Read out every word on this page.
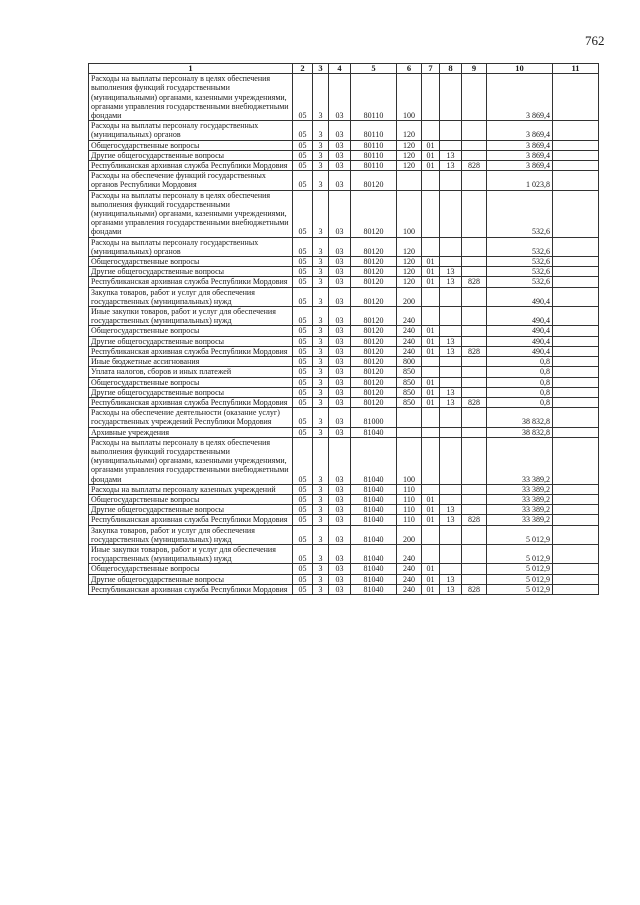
762
1	2	3	4	5	6	7	8	9	10	11
Расходы на выплаты персоналу в целях обеспечения выполнения функций государственными (муниципальными) органами, казенными учреждениями, органами управления государственными внебюджетными фондами	05	3	03	80110	100				3 869,4	
Расходы на выплаты персоналу государственных (муниципальных) органов	05	3	03	80110	120				3 869,4	
Общегосударственные вопросы	05	3	03	80110	120	01			3 869,4	
Другие общегосударственные вопросы	05	3	03	80110	120	01	13		3 869,4	
Республиканская архивная служба Республики Мордовия	05	3	03	80110	120	01	13	828	3 869,4	
Расходы на обеспечение функций государственных органов Республики Мордовия	05	3	03	80120					1 023,8	
Расходы на выплаты персоналу в целях обеспечения выполнения функций государственными (муниципальными) органами, казенными учреждениями, органами управления государственными внебюджетными фондами	05	3	03	80120	100				532,6	
Расходы на выплаты персоналу государственных (муниципальных) органов	05	3	03	80120	120				532,6	
Общегосударственные вопросы	05	3	03	80120	120	01			532,6	
Другие общегосударственные вопросы	05	3	03	80120	120	01	13		532,6	
Республиканская архивная служба Республики Мордовия	05	3	03	80120	120	01	13	828	532,6	
Закупка товаров, работ и услуг для обеспечения государственных (муниципальных) нужд	05	3	03	80120	200				490,4	
Иные закупки товаров, работ и услуг для обеспечения государственных (муниципальных) нужд	05	3	03	80120	240				490,4	
Общегосударственные вопросы	05	3	03	80120	240	01			490,4	
Другие общегосударственные вопросы	05	3	03	80120	240	01	13		490,4	
Республиканская архивная служба Республики Мордовия	05	3	03	80120	240	01	13	828	490,4	
Иные бюджетные ассигнования	05	3	03	80120	800				0,8	
Уплата налогов, сборов и иных платежей	05	3	03	80120	850				0,8	
Общегосударственные вопросы	05	3	03	80120	850	01			0,8	
Другие общегосударственные вопросы	05	3	03	80120	850	01	13		0,8	
Республиканская архивная служба Республики Мордовия	05	3	03	80120	850	01	13	828	0,8	
Расходы на обеспечение деятельности (оказание услуг) государственных учреждений Республики Мордовия	05	3	03	81000					38 832,8	
Архивные учреждения	05	3	03	81040					38 832,8	
Расходы на выплаты персоналу в целях обеспечения выполнения функций государственными (муниципальными) органами, казенными учреждениями, органами управления государственными внебюджетными фондами	05	3	03	81040	100				33 389,2	
Расходы на выплаты персоналу казенных учреждений	05	3	03	81040	110				33 389,2	
Общегосударственные вопросы	05	3	03	81040	110	01			33 389,2	
Другие общегосударственные вопросы	05	3	03	81040	110	01	13		33 389,2	
Республиканская архивная служба Республики Мордовия	05	3	03	81040	110	01	13	828	33 389,2	
Закупка товаров, работ и услуг для обеспечения государственных (муниципальных) нужд	05	3	03	81040	200				5 012,9	
Иные закупки товаров, работ и услуг для обеспечения государственных (муниципальных) нужд	05	3	03	81040	240				5 012,9	
Общегосударственные вопросы	05	3	03	81040	240	01			5 012,9	
Другие общегосударственные вопросы	05	3	03	81040	240	01	13		5 012,9	
Республиканская архивная служба Республики Мордовия	05	3	03	81040	240	01	13	828	5 012,9	
